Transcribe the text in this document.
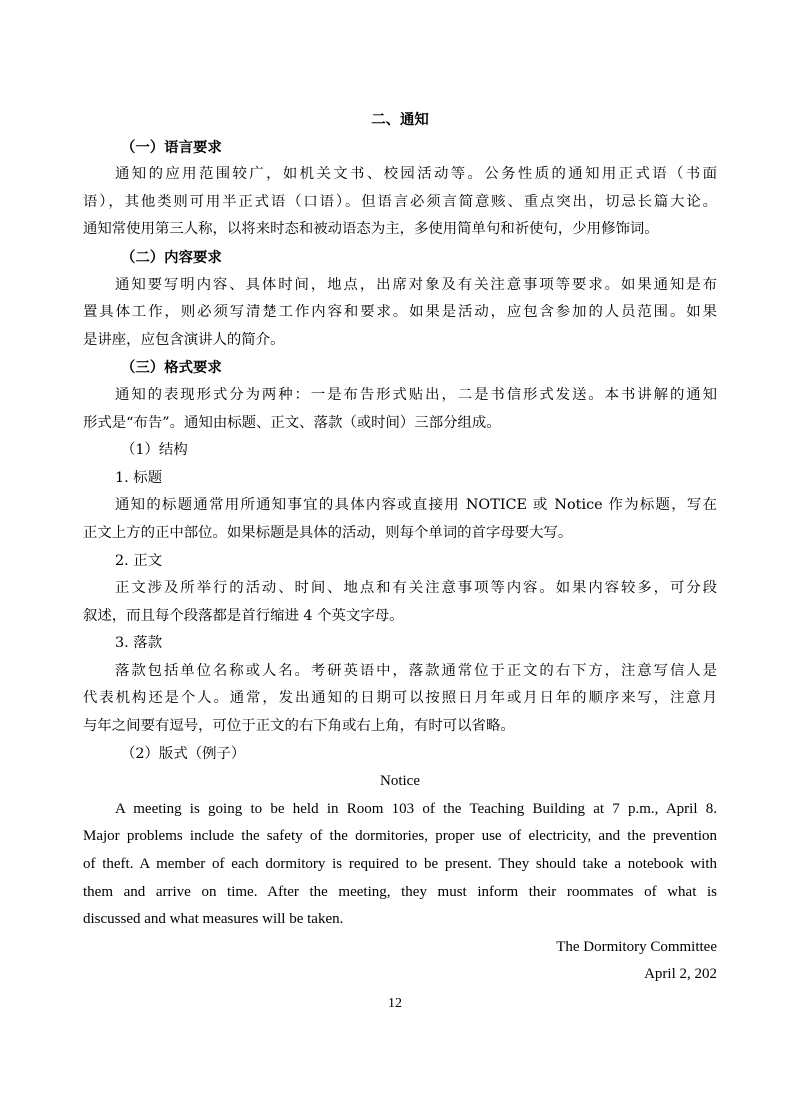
二、通知
（一）语言要求
通知的应用范围较广，如机关文书、校园活动等。公务性质的通知用正式语（书面
语），其他类则可用半正式语（口语）。但语言必须言简意赅、重点突出，切忌长篇大论。
通知常使用第三人称，以将来时态和被动语态为主，多使用简单句和祈使句，少用修饰词。
（二）内容要求
通知要写明内容、具体时间，地点，出席对象及有关注意事项等要求。如果通知是布
置具体工作，则必须写清楚工作内容和要求。如果是活动，应包含参加的人员范围。如果
是讲座，应包含演讲人的简介。
（三）格式要求
通知的表现形式分为两种：一是布告形式贴出，二是书信形式发送。本书讲解的通知
形式是“布告”。通知由标题、正文、落款（或时间）三部分组成。
（1）结构
1. 标题
通知的标题通常用所通知事宜的具体内容或直接用 NOTICE 或 Notice 作为标题，写在
正文上方的正中部位。如果标题是具体的活动，则每个单词的首字母要大写。
2. 正文
正文涉及所举行的活动、时间、地点和有关注意事项等内容。如果内容较多，可分段
叙述，而且每个段落都是首行缩进 4 个英文字母。
3. 落款
落款包括单位名称或人名。考研英语中，落款通常位于正文的右下方，注意写信人是
代表机构还是个人。通常，发出通知的日期可以按照日月年或月日年的顺序来写，注意月
与年之间要有逗号，可位于正文的右下角或右上角，有时可以省略。
（2）版式（例子）
Notice
A meeting is going to be held in Room 103 of the Teaching Building at 7 p.m., April 8.
Major problems include the safety of the dormitories, proper use of electricity, and the prevention
of theft. A member of each dormitory is required to be present. They should take a notebook with
them and arrive on time. After the meeting, they must inform their roommates of what is
discussed and what measures will be taken.
The Dormitory Committee
April 2, 202
12
